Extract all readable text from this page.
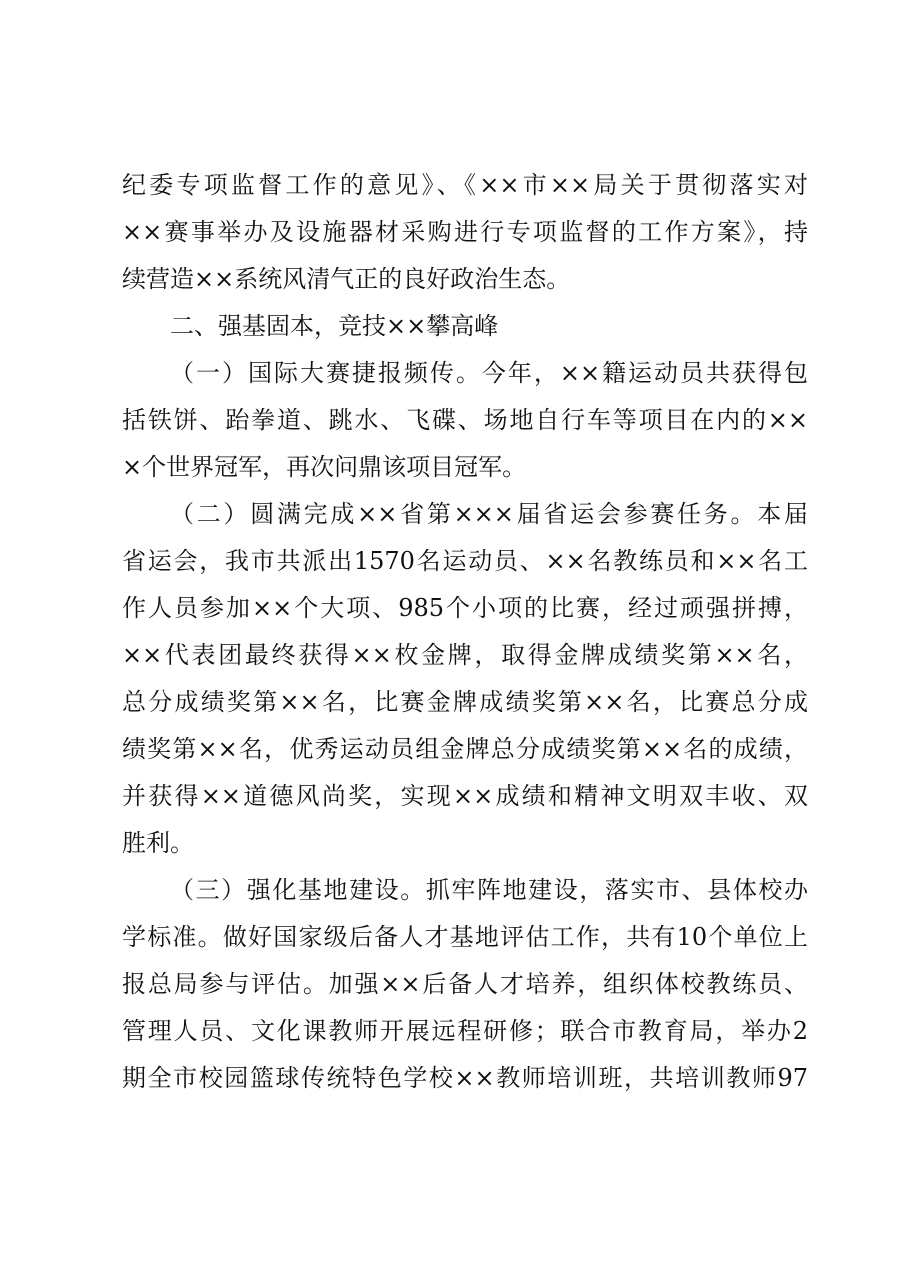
纪委专项监督工作的意见》、《××市××局关于贯彻落实对
××赛事举办及设施器材采购进行专项监督的工作方案》，持
续营造××系统风清气正的良好政治生态。
二、强基固本，竞技××攀高峰
（一）国际大赛捷报频传。今年，××籍运动员共获得包
括铁饼、跆拳道、跳水、飞碟、场地自行车等项目在内的××
×个世界冠军，再次问鼎该项目冠军。
（二）圆满完成××省第×××届省运会参赛任务。本届
省运会，我市共派出1570名运动员、××名教练员和××名工
作人员参加××个大项、985个小项的比赛，经过顽强拼搏，
××代表团最终获得××枚金牌，取得金牌成绩奖第××名，
总分成绩奖第××名，比赛金牌成绩奖第××名，比赛总分成
绩奖第××名，优秀运动员组金牌总分成绩奖第××名的成绩，
并获得××道德风尚奖，实现××成绩和精神文明双丰收、双
胜利。
（三）强化基地建设。抓牢阵地建设，落实市、县体校办
学标准。做好国家级后备人才基地评估工作，共有10个单位上
报总局参与评估。加强××后备人才培养，组织体校教练员、
管理人员、文化课教师开展远程研修；联合市教育局，举办2
期全市校园篮球传统特色学校××教师培训班，共培训教师97
